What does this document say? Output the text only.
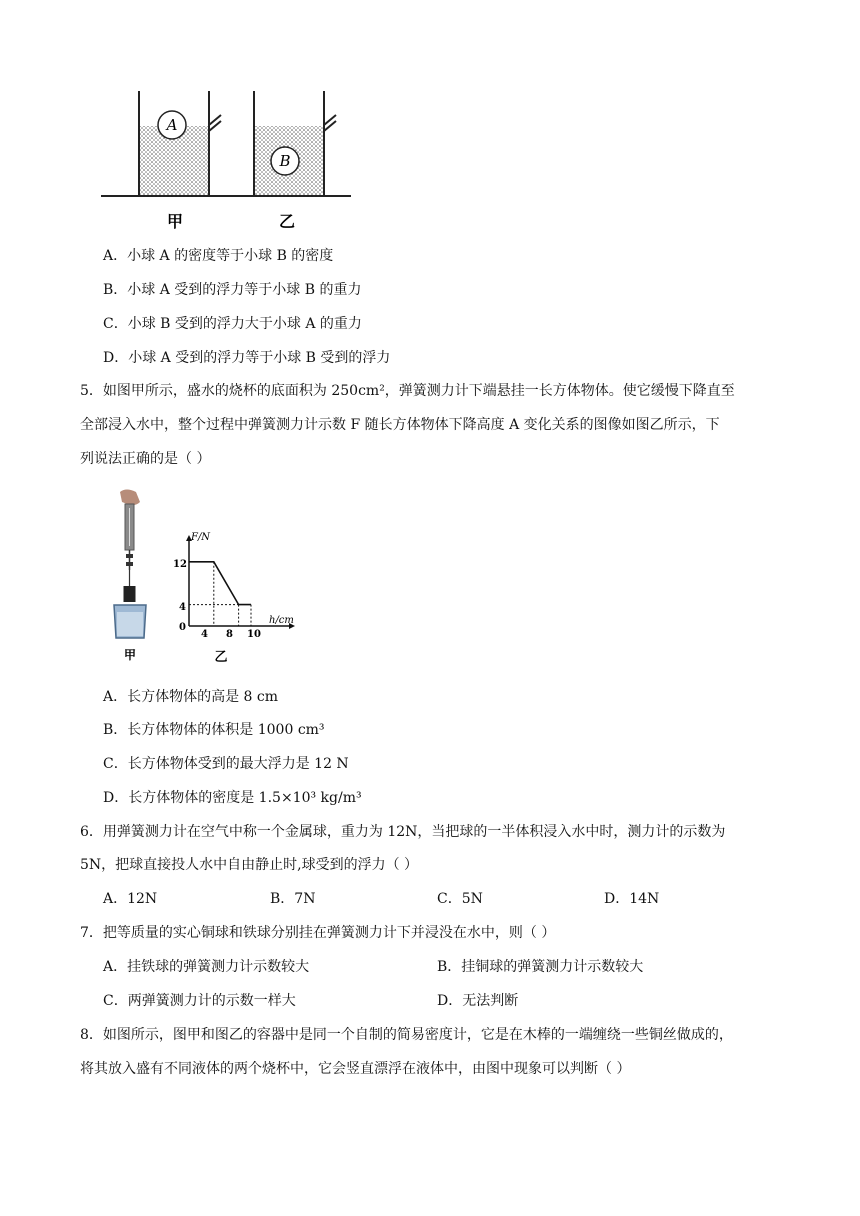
A
B
甲	乙
A．小球 A 的密度等于小球 B 的密度
B．小球 A 受到的浮力等于小球 B 的重力
C．小球 B 受到的浮力大于小球 A 的重力
D．小球 A 受到的浮力等于小球 B 受到的浮力
5．如图甲所示，盛水的烧杯的底面积为 250cm²，弹簧测力计下端悬挂一长方体物体。使它缓慢下降直至
全部浸入水中，整个过程中弹簧测力计示数 F 随长方体物体下降高度 A 变化关系的图像如图乙所示，下
列说法正确的是（ ）
甲
F/N
h/cm
12
4
0
4 8 10
乙
A．长方体物体的高是 8 cm
B．长方体物体的体积是 1000 cm³
C．长方体物体受到的最大浮力是 12 N
D．长方体物体的密度是 1.5×10³ kg/m³
6．用弹簧测力计在空气中称一个金属球，重力为 12N，当把球的一半体积浸入水中时，测力计的示数为
5N，把球直接投人水中自由静止时,球受到的浮力（ ）
A．12N	B．7N	C．5N	D．14N
7．把等质量的实心铜球和铁球分别挂在弹簧测力计下并浸没在水中，则（ ）
A．挂铁球的弹簧测力计示数较大	B．挂铜球的弹簧测力计示数较大
C．两弹簧测力计的示数一样大	D．无法判断
8．如图所示，图甲和图乙的容器中是同一个自制的简易密度计，它是在木棒的一端缠绕一些铜丝做成的，
将其放入盛有不同液体的两个烧杯中，它会竖直漂浮在液体中，由图中现象可以判断（ ）
